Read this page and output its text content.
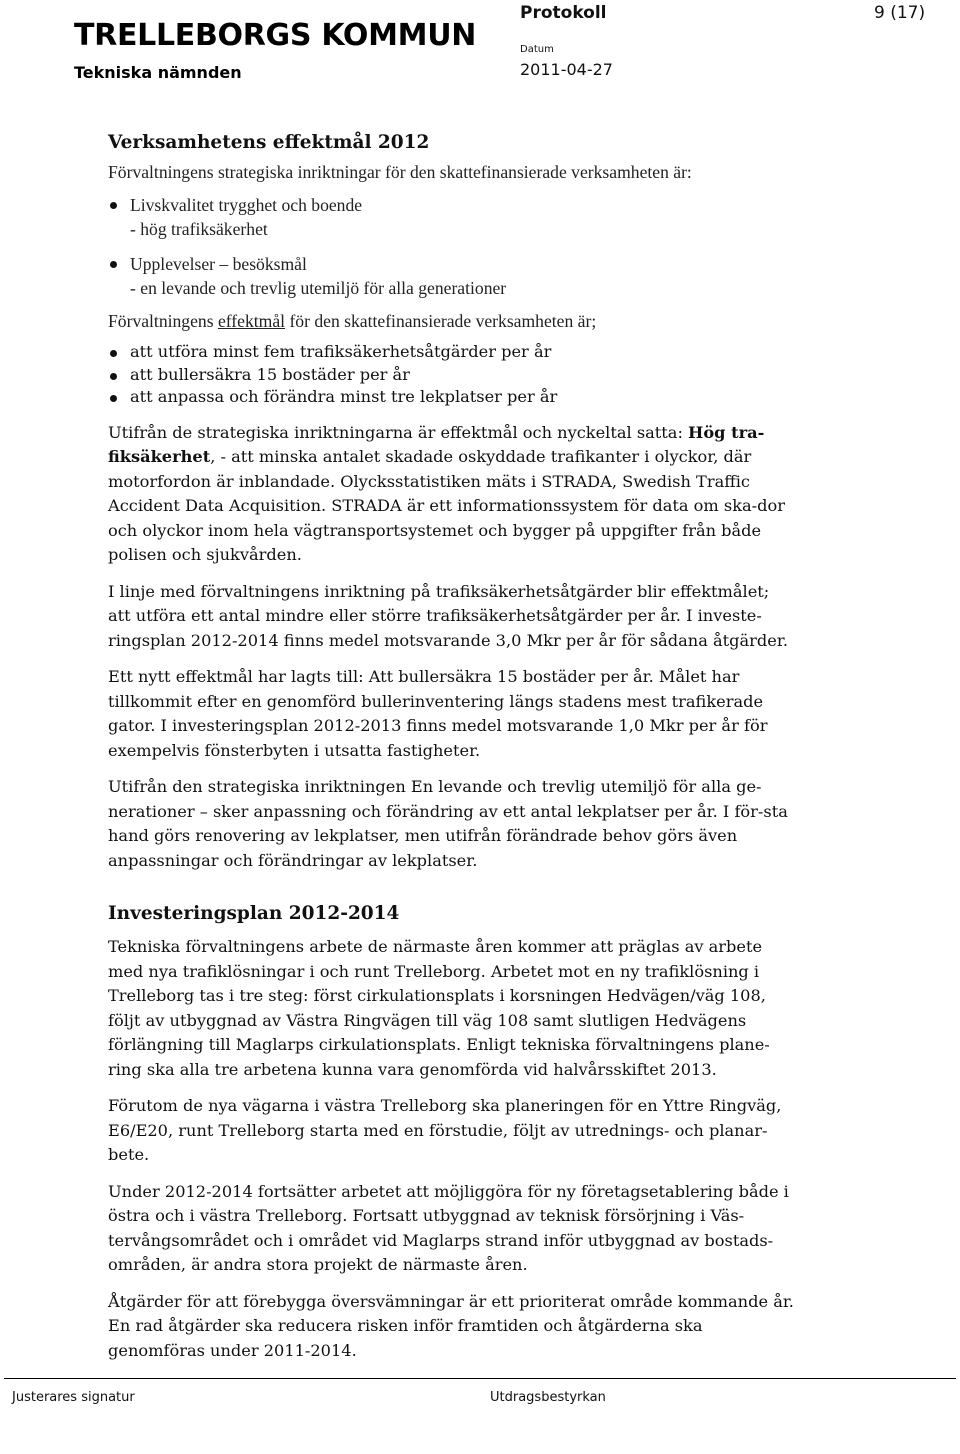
TRELLEBORGS KOMMUN
Tekniska nämnden
Protokoll	9 (17)
Datum
2011-04-27
Verksamhetens effektmål 2012

Förvaltningens strategiska inriktningar för den skattefinansierade verksamheten är:

Livskvalitet trygghet och boende
- hög trafiksäkerhet
Upplevelser – besöksmål
- en levande och trevlig utemiljö för alla generationer

Förvaltningens effektmål för den skattefinansierade verksamheten är;

att utföra minst fem trafiksäkerhetsåtgärder per år
att bullersäkra 15 bostäder per år
att anpassa och förändra minst tre lekplatser per år

Utifrån de strategiska inriktningarna är effektmål och nyckeltal satta: Hög tra-fiksäkerhet, - att minska antalet skadade oskyddade trafikanter i olyckor, där motorfordon är inblandade. Olycksstatistiken mäts i STRADA, Swedish Traffic Accident Data Acquisition. STRADA är ett informationssystem för data om ska-dor och olyckor inom hela vägtransportsystemet och bygger på uppgifter från både polisen och sjukvården.

I linje med förvaltningens inriktning på trafiksäkerhetsåtgärder blir effektmålet; att utföra ett antal mindre eller större trafiksäkerhetsåtgärder per år. I investe-ringsplan 2012-2014 finns medel motsvarande 3,0 Mkr per år för sådana åtgärder.

Ett nytt effektmål har lagts till: Att bullersäkra 15 bostäder per år. Målet har tillkommit efter en genomförd bullerinventering längs stadens mest trafikerade gator. I investeringsplan 2012-2013 finns medel motsvarande 1,0 Mkr per år för exempelvis fönsterbyten i utsatta fastigheter.

Utifrån den strategiska inriktningen En levande och trevlig utemiljö för alla ge-nerationer – sker anpassning och förändring av ett antal lekplatser per år. I för-sta hand görs renovering av lekplatser, men utifrån förändrade behov görs även anpassningar och förändringar av lekplatser.

Investeringsplan 2012-2014

Tekniska förvaltningens arbete de närmaste åren kommer att präglas av arbete med nya trafiklösningar i och runt Trelleborg. Arbetet mot en ny trafiklösning i Trelleborg tas i tre steg: först cirkulationsplats i korsningen Hedvägen/väg 108, följt av utbyggnad av Västra Ringvägen till väg 108 samt slutligen Hedvägens förlängning till Maglarps cirkulationsplats. Enligt tekniska förvaltningens plane-ring ska alla tre arbetena kunna vara genomförda vid halvårsskiftet 2013.

Förutom de nya vägarna i västra Trelleborg ska planeringen för en Yttre Ringväg, E6/E20, runt Trelleborg starta med en förstudie, följt av utrednings- och planar-bete.

Under 2012-2014 fortsätter arbetet att möjliggöra för ny företagsetablering både i östra och i västra Trelleborg. Fortsatt utbyggnad av teknisk försörjning i Väs-tervångsområdet och i området vid Maglarps strand inför utbyggnad av bostads-områden, är andra stora projekt de närmaste åren.

Åtgärder för att förebygga översvämningar är ett prioriterat område kommande år. En rad åtgärder ska reducera risken inför framtiden och åtgärderna ska genomföras under 2011-2014.

Justerares signatur	Utdragsbestyrkan
